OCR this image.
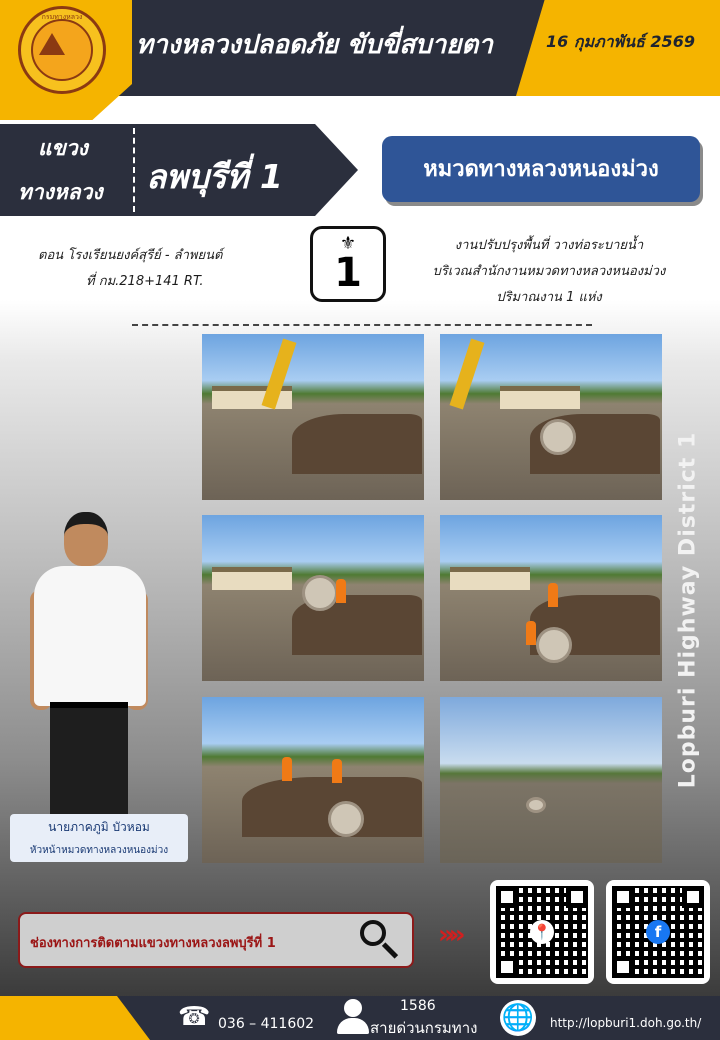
กรมทางหลวง
ทางหลวงปลอดภัย ขับขี่สบายตา	16 กุมภาพันธ์ 2569
แขวง
ทางหลวง ลพบุรีที่ 1	หมวดทางหลวงหนองม่วง
ตอน โรงเรียนยงค์สุรีย์ - ลำพยนต์
ที่ กม.218+141 RT.
⚜
1
งานปรับปรุงพื้นที่ วางท่อระบายน้ำ
บริเวณสำนักงานหมวดทางหลวงหนองม่วง
ปริมาณงาน 1 แห่ง
นายภาคภูมิ บัวหอม
หัวหน้าหมวดทางหลวงหนองม่วง
Lopburi Highway District 1
ช่องทางการติดตามแขวงทางหลวงลพบุรีที่ 1	»»	📍	f
☎ 036 – 411602
1586
สายด่วนกรมทาง 🌐 http://lopburi1.doh.go.th/
